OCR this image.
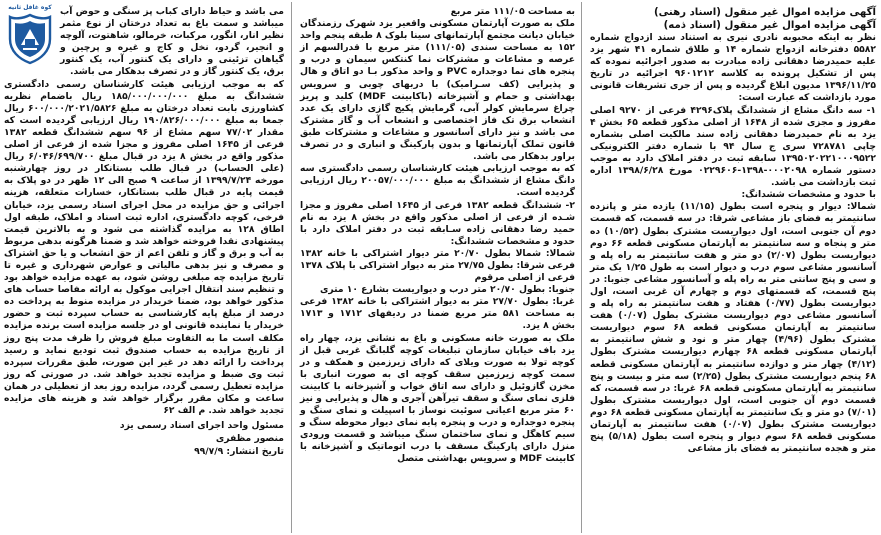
آگهی مزایده اموال غیر منقول (اسناد رهنی)
آگهی مزایده اموال غیر منقول (اسناد ذمه)

نظر به اینکه محبوبه نادری نیری به استناد سند ازدواج شماره ۵۵۸۲ دفترخانه ازدواج شماره ۱۴ و طلاق شماره ۴۱ شهر یزد علیه حمیدرضا دهقانی زاده مبادرت به صدور اجرائیه نموده که پس از تشکیل پرونده به کلاسه ۹۶۰۱۲۱۲ اجرائیه در تاریخ ۱۳۹۶/۱۱/۲۵ مدیون ابلاغ گردیده و پس از جری تشریفات قانونی مورد بازداشت که عبارت است:

۱- سه دانگ مشاع از ششدانگ پلاک۴۲۹۶ فرعی از ۹۲۷۰ اصلی مفروز و مجزی شده از ۱۶۴۸ از اصلی مذکور قطعه ۶۵ بخش ۴ یزد به نام حمیدرضا دهقانی زاده سند مالکیت اصلی بشماره چاپی ۷۲۸۷۸۱ سری ج سال ۹۴ با شماره دفتر الکترونیکی ۱۳۹۵۰۲۰۲۲۱۰۰۰۹۵۲۲ سابقه ثبت در دفتر املاک دارد به موجب دستور شماره ۰۰۰۲۰۹۸-۱۳۹۸-۰۲۲۹۶۰۶ مورخ ۱۳۹۸/۶/۲۸ اداره ثبت بازداشت می باشد.

با حدود و مشخصات ششدانگ:

شمالا: دیوار و پنجره است بطول (۱۱/۱۵) یازده متر و پانزده سانتیمتر به فضای باز مشاعی شرقا: در سه قسمت، که قسمت دوم آن جنوبی است، اول دیواریست مشترک بطول (۱۰/۵۲) ده متر و پنجاه و سه سانتیمتر به آپارتمان مسکونی قطعه ۶۶ دوم دیواریست بطول (۲/۰۷) دو متر و هفت سانتیمتر به راه پله و آسانسور مشاعی سوم درب و دیوار است به طول ۱/۲۵ یک متر و سی و پنج سانتی متر به راه پله و آسانسور مشاعی جنوبا: در پنج قسمت، که قسمتهای دوم و چهارم آن غربی است، اول دیواریست بطول (۰/۷۷) هفتاد و هفت سانتیمتر به راه پله و آسانسور مشاعی دوم دیواریست مشترک بطول (۰/۰۷) هفت سانتیمتر به آپارتمان مسکونی قطعه ۶۸ سوم دیواریست مشترک بطول (۴/۹۶) چهار متر و نود و شش سانتیمتر به آپارتمان مسکونی قطعه ۶۸ چهارم دیواریست مشترک بطول (۴/۱۲) چهار متر و دوازده سانتیمتر به آپارتمان مسکونی قطعه ۶۸ پنجم دیواریست مشترک بطول (۲/۲۵) سه متر و بیست و پنج سانتیمتر به آپارتمان مسکونی قطعه ۶۸ غربا: در سه قسمت، که قسمت دوم آن جنوبی است، اول دیواریست مشترک بطول (۷/۰۱) دو متر و یک سانتیمتر به آپارتمان مسکونی قطعه ۶۸ دوم دیواریست مشترک بطول (۰/۰۷) هفت سانتیمتر به آپارتمان مسکونی قطعه ۶۸ سوم دیوار و پنجره است بطول (۵/۱۸) پنج متر و هجده سانتیمتر به فضای باز مشاعی

به مساحت ۱۱۱/۰۵ متر مربع

ملک به صورت آپارتمان مسکونی واقعیر یزد شهرک رزمندگان خیابان دیانت مجتمع آپارتمانهای سینا بلوک ۸ طبقه پنجم واحد ۱۵۲ به مساحت سندی (۱۱۱/۰۵) متر مربع با قدرالسهم از عرصه و مشاعات و مشترکات نما کنتکس سیمان و درب و پنجره های نما دوجداره PVC و واحد مذکور بـا دو اتاق و هال و پذیرایی (کف سـرامیک) با دربهای چوبی و سرویس بهداشتی و حمام و آشپزخانه (باکابینت MDF) کلید و پریز چراغ سرمایش کولر آبی، گرمایش پکیج گازی دارای یک عدد انشعاب برق تک فاز اختصاصی و انشعاب آب و گاز مشترک می باشد و نیز دارای آسانسور و مشاعات و مشترکات طبق قانون تملک آپارتمانها و بدون پارکینگ و انباری و در تصرف براور بدهکار می باشد.

که به موجب ارزیابی هیئت کارشناسان رسمی دادگستری سه دانگ مشاع از ششدانگ به مبلغ ۲۰۰۵۷/۰۰۰/۰۰۰ ریال ارزیابی گردیده است.

۲- ششدانگ قطعه ۱۳۸۲ فرعی از ۱۶۴۵ اصلی مفروز و مجزا شـده از فرعی از اصلی مذکور واقع در بخش ۸ یزد به نام حمید رضا دهقانی زاده سـابقه ثبت در دفتر املاک دارد با حدود و مشخصات ششدانگ:

شمالا: شمالا بطول ۲۰/۷۰ متر دیوار اشتراکی با خانه ۱۳۸۲ فرعی شرقا: بطول ۲۷/۷۵ متر به دیوار اشتراکی با پلاک ۱۳۷۸ فرعی از اصلی مرقوم

جنوبا: بطول ۲۰/۷۰ متر درب و دیواریست بشارع ۱۰ متری

غربا: بطول ۲۷/۷۰ متر به دیوار اشتراکی با خانه ۱۳۸۲ فرعی به مساحت ۵۸۱ متر مربع ضمنا در ردیفهای ۱۷۱۲ و ۱۷۱۳ بخش ۸ یزد.

ملک به صورت خانه مسکونی و باغ به نشانی یزد، چهار راه یزد باف خیابان سازمان تبلیغات کوچه گلبانگ غربی قبل از کوچه تولا به صورت ویلای که دارای زیرزمین و همکف و در سمت کوچه زیرزمین سقف کوچه ای به صورت انباری با مخزن گازوئیل و دارای سه اتاق خواب و آشپزخانه با کابینت فلزی نمای سنگ و سقف تیرآهن آجری و هال و پذیرایی و نیز ۶۰ متر مربع اعیانی سوئیت نوساز با اسپیلت و نمای سنگ و پنجره دوجداره و درب و پنجره پایه نمای دیوار محوطه سنگ و سیم کاهگل و نمای ساختمان سنگ میباشد و قسمت ورودی منزل دارای پارکینگ مسقف با درب اتوماتیک و آشپزخانه با کابینت MDF و سرویس بهداشتی متصل

کوه غافل ثانیه می باشد و حیاط دارای کباب پز سنگی و حوض آب میباشد و سمت باغ به تعداد درختان از نوع مثمر نظیر انار، انگور، مرکبات، خرمالو، شاهتوت، آلوچه و انجیر، گردو، نخل و کاج و غیره و پرچین و گیاهان تزئینی و دارای یک کنتور آب، یک کنتور برق، یک کنتور گاز و در تصرف بدهکار می باشد.

که به موجب ارزیابی هیئت کارشناسان رسمی دادگستری ششدانگ به مبلغ ۱۸۵/۰۰۰/۰۰۰/۰۰۰ ریال باضمام نظریه کشاورزی بابت تعداد درختان به مبلغ ۶۰۰/۰۰۰/۲۰۲۱/۵۸۲۶ ریال جمعا به مبلغ ۱۹۰/۸۲۶/۰۰۰/۰۰۰ ریال ارزیابی گردیده است که مقدار ۷۷/۰۲ سهم مشاع از ۹۶ سهم ششدانگ قطعه ۱۳۸۲ فرعی از ۱۶۴۵ اصلی مفروز و مجزا شده از فرعی از اصلی مذکور واقع در بخش ۸ یزد در قبال مبلغ ۶/۰۴۶/۶۹۹/۷۰۰ ریال (علی الحساب) در قبال طلب بستانکار در روز چهارشنبه مورخه ۱۳۹۹/۷/۲۴ از ساعت ۹ صبح الی ۱۲ ظهر در دو پلاک به قیمت پایه در قبال طلب بستانکار، خسارات متعلقه، هزینه اجرائی و حق مزایده در محل اجرای اسناد رسمی یزد، خیابان فرخی، کوچه دادگستری، اداره ثبت اسناد و املاک، طبقه اول اطاق ۱۲۸ به مزایده گذاشته می شود و به بالاترین قیمت پیشنهادی نقدا فروخته خواهد شد و ضمنا هرگونه بدهی مربوط به آب و برق و گاز و تلفن اعم از حق انشعاب و یا حق اشتراک و مصرف و نیز بدهی مالیاتی و عوارض شهرداری و غیره تا تاریخ مزایده چه مبلغی روشن شود، به عهده مزایده خواهد بود و تنظیم سند انتقال اجرایی موکول به ارائه مفاصا حساب های مذکور خواهد بود، ضمنا خریدار در مزایده منوط به پرداخت ده درصد از مبلغ پایه کارشناسی به حساب سپرده ثبت و حضور خریدار یا نماینده قانونی او در جلسه مزایده است برنده مزایده مکلف است ما به التفاوت مبلغ فروش را ظرف مدت پنج روز از تاریخ مزایده به حساب صندوق ثبت تودیع نماید و رسید پرداخت را ارائه دهد در غیر این صورت، طبق مقررات سپرده ثبت وی ضبط و مزایده تجدید خواهد شد. در صورتی که روز مزایده تعطیل رسمی گردد، مزایده روز بعد از تعطیلی در همان ساعت و مکان مقرر برگزار خواهد شد و هزینه های مزایده تجدید خواهد شد. م الف ۶۲

مسئول واحد اجرای اسناد رسمی یزد

منصور مظفری

تاریخ انتشار: ۹۹/۷/۹
